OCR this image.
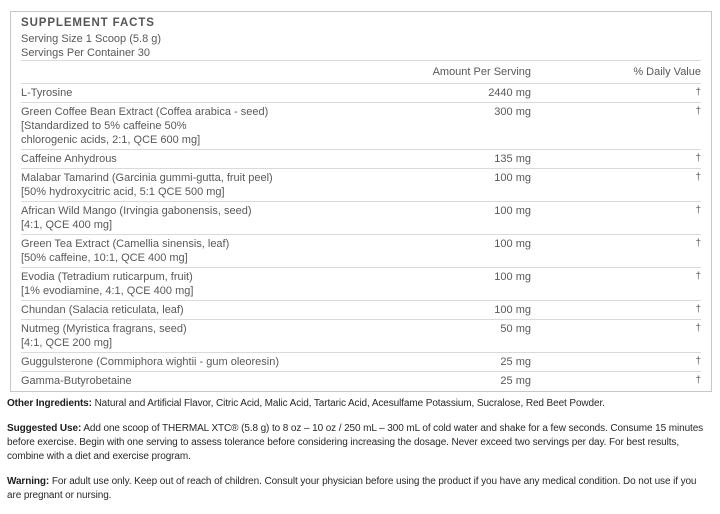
SUPPLEMENT FACTS
Serving Size 1 Scoop (5.8 g)
Servings Per Container 30
Amount Per Serving	% Daily Value
L-Tyrosine	2440 mg	†
Green Coffee Bean Extract (Coffea arabica - seed)
[Standardized to 5% caffeine 50%
chlorogenic acids, 2:1, QCE 600 mg]
300 mg	†
Caffeine Anhydrous	135 mg	†
Malabar Tamarind (Garcinia gummi-gutta, fruit peel)
[50% hydroxycitric acid, 5:1 QCE 500 mg]
100 mg	†
African Wild Mango (Irvingia gabonensis, seed)
[4:1, QCE 400 mg]
100 mg	†
Green Tea Extract (Camellia sinensis, leaf)
[50% caffeine, 10:1, QCE 400 mg]
100 mg	†
Evodia (Tetradium ruticarpum, fruit)
[1% evodiamine, 4:1, QCE 400 mg]
100 mg	†
Chundan (Salacia reticulata, leaf)	100 mg	†
Nutmeg (Myristica fragrans, seed)
[4:1, QCE 200 mg]
50 mg	†
Guggulsterone (Commiphora wightii - gum oleoresin)	25 mg	†
Gamma-Butyrobetaine	25 mg	†

Other Ingredients: Natural and Artificial Flavor, Citric Acid, Malic Acid, Tartaric Acid, Acesulfame Potassium, Sucralose, Red Beet Powder.

Suggested Use: Add one scoop of THERMAL XTC® (5.8 g) to 8 oz – 10 oz / 250 mL – 300 mL of cold water and shake for a few seconds. Consume 15 minutes before exercise. Begin with one serving to assess tolerance before considering increasing the dosage. Never exceed two servings per day. For best results, combine with a diet and exercise program.

Warning: For adult use only. Keep out of reach of children. Consult your physician before using the product if you have any medical condition. Do not use if you are pregnant or nursing.
